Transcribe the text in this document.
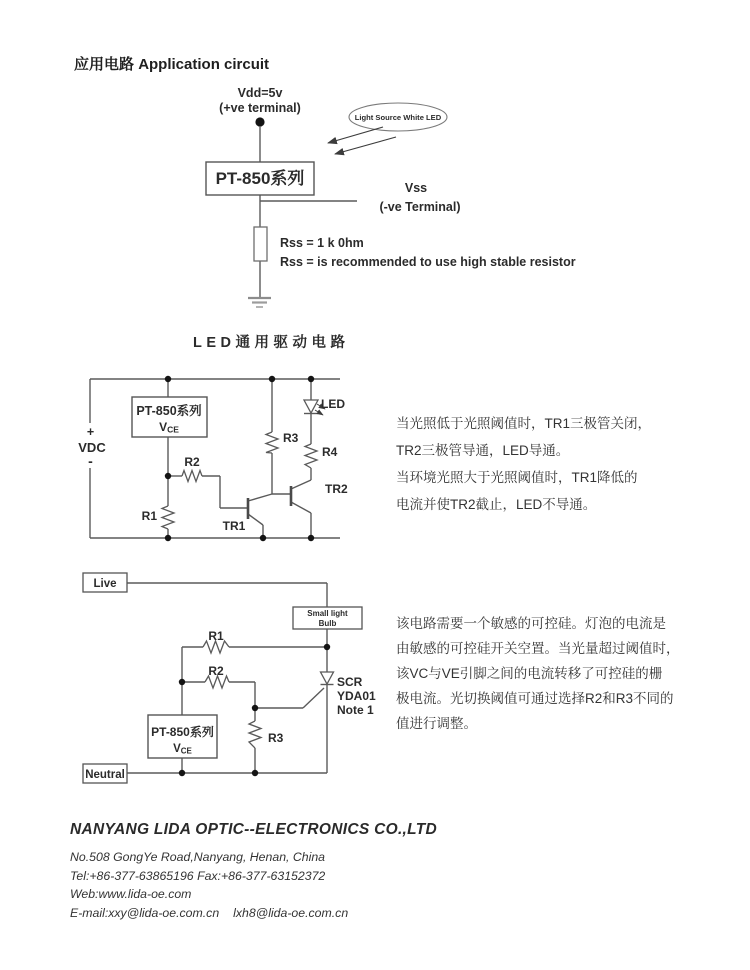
应用电路 Application circuit
Vdd=5v
(+ve terminal)
PT-850系列	Vss
(-ve Terminal)
Rss = 1 k 0hm
Rss = is recommended to use high stable resistor
Light Source White LED
LED通用驱动电路
PT-850系列
VCE
+
VDC
-	R2
R1
R3
R4
LED
TR1
TR2
当光照低于光照阈值时，TR1三极管关闭，
TR2三极管导通，LED导通。
当环境光照大于光照阈值时，TR1降低的
电流并使TR2截止，LED不导通。
Live
Neutral
Small light
Bulb
PT-850系列
VCE
R1
R2
R3
SCR
YDA01
Note 1
该电路需要一个敏感的可控硅。灯泡的电流是
由敏感的可控硅开关空置。当光量超过阈值时，
该VC与VE引脚之间的电流转移了可控硅的栅
极电流。光切换阈值可通过选择R2和R3不同的
值进行调整。
NANYANG LIDA OPTIC--ELECTRONICS CO.,LTD
No.508 GongYe Road,Nanyang, Henan, China
Tel:+86-377-63865196 Fax:+86-377-63152372
Web:www.lida-oe.com
E-mail:xxy@lida-oe.com.cn lxh8@lida-oe.com.cn
